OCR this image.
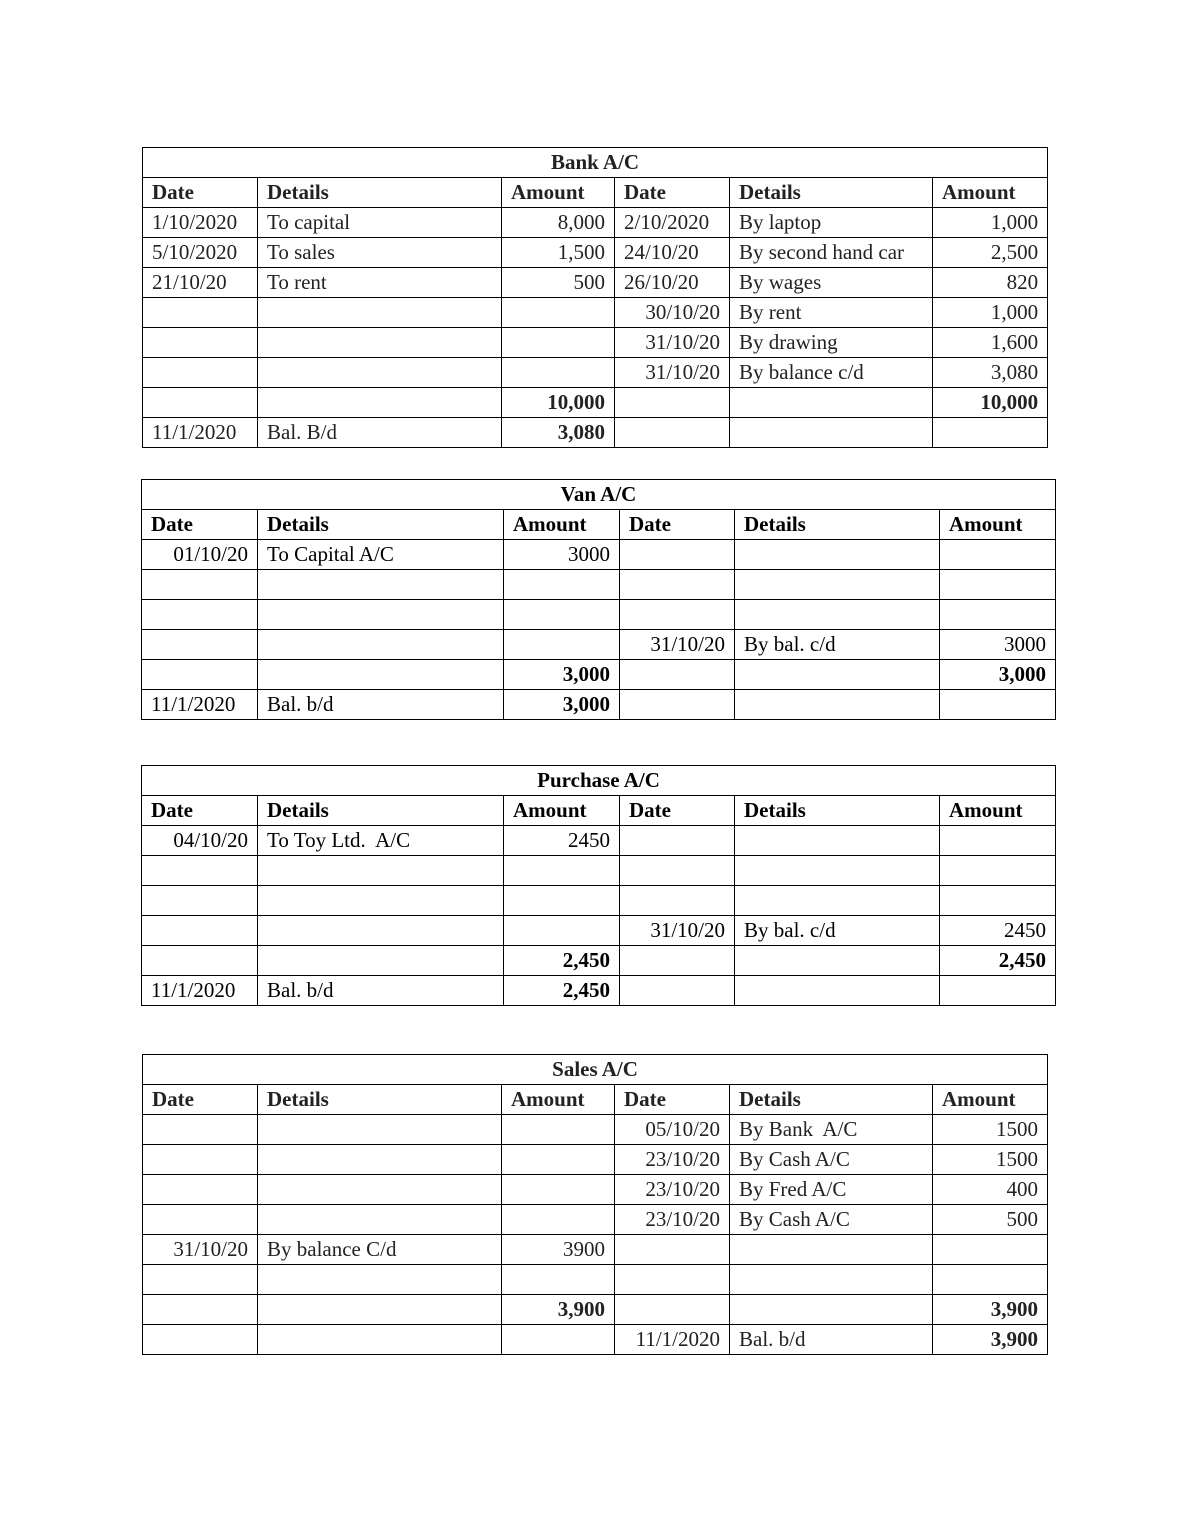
Bank A/C					
Date	Details	Amount	Date	Details	Amount
1/10/2020	To capital	8,000	2/10/2020	By laptop	1,000
5/10/2020	To sales	1,500	24/10/20	By second hand car	2,500
21/10/20	To rent	500	26/10/20	By wages	820
			30/10/20	By rent	1,000
			31/10/20	By drawing	1,600
			31/10/20	By balance c/d	3,080
		10,000			10,000
11/1/2020	Bal. B/d	3,080			
Van A/C					
Date	Details	Amount	Date	Details	Amount
01/10/20	To Capital A/C	3000			

			31/10/20	By bal. c/d	3000
		3,000			3,000
11/1/2020	Bal. b/d	3,000			
Purchase A/C					
Date	Details	Amount	Date	Details	Amount
04/10/20	To Toy Ltd.  A/C	2450			

			31/10/20	By bal. c/d	2450
		2,450			2,450
11/1/2020	Bal. b/d	2,450			
Sales A/C					
Date	Details	Amount	Date	Details	Amount
			05/10/20	By Bank  A/C	1500
			23/10/20	By Cash A/C	1500
			23/10/20	By Fred A/C	400
			23/10/20	By Cash A/C	500
31/10/20	By balance C/d	3900			

		3,900			3,900
			11/1/2020	Bal. b/d	3,900
